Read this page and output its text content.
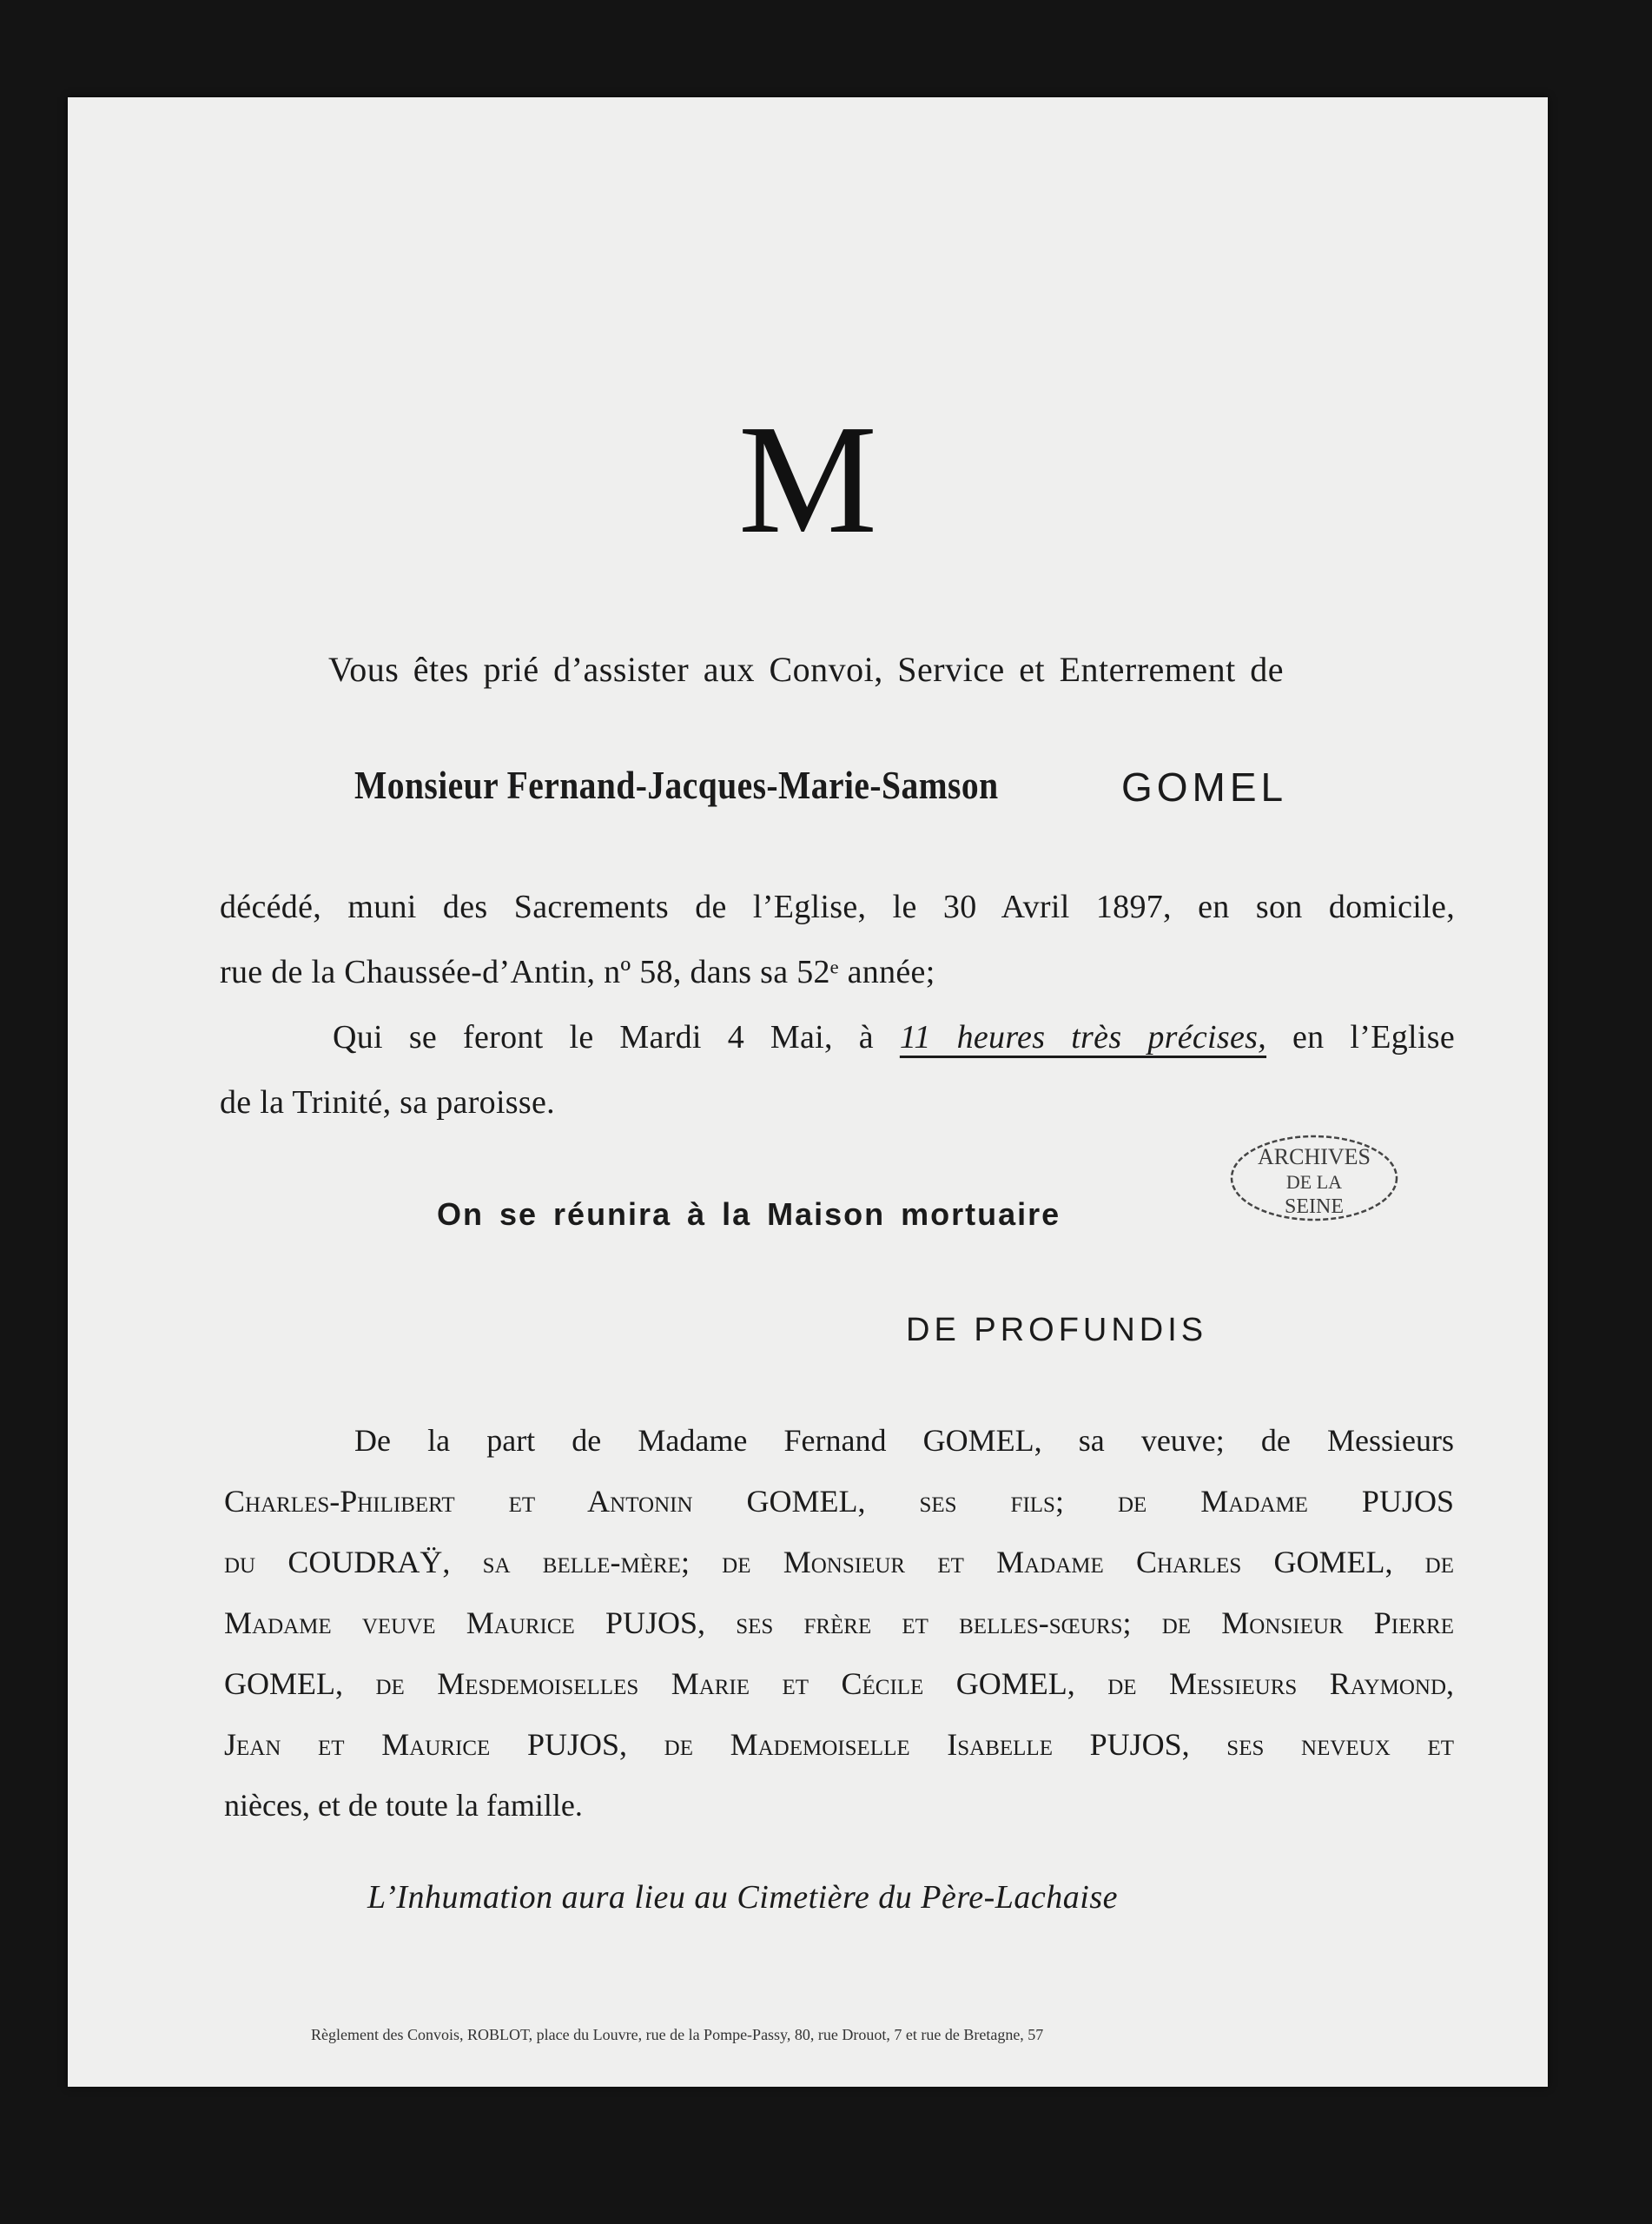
M
Vous êtes prié d’assister aux Convoi, Service et Enterrement de
Monsieur Fernand-Jacques-Marie-Samson	GOMEL
décédé, muni des Sacrements de l’Eglise, le 30 Avril 1897, en son domicile,
rue de la Chaussée-d’Antin, nº 58, dans sa 52ᵉ année;
Qui se feront le Mardi 4 Mai, à 11 heures très précises, en l’Eglise
de la Trinité, sa paroisse.
On se réunira à la Maison mortuaire
ARCHIVES
DE LA
SEINE
DE PROFUNDIS
De la part de Madame Fernand GOMEL, sa veuve; de Messieurs
Charles-Philibert et Antonin GOMEL, ses fils; de Madame PUJOS
du COUDRAŸ, sa belle-mère; de Monsieur et Madame Charles GOMEL, de
Madame veuve Maurice PUJOS, ses frère et belles-sœurs; de Monsieur Pierre
GOMEL, de Mesdemoiselles Marie et Cécile GOMEL, de Messieurs Raymond,
Jean et Maurice PUJOS, de Mademoiselle Isabelle PUJOS, ses neveux et
nièces, et de toute la famille.
L’Inhumation aura lieu au Cimetière du Père-Lachaise
Règlement des Convois, ROBLOT, place du Louvre, rue de la Pompe-Passy, 80, rue Drouot, 7 et rue de Bretagne, 57
